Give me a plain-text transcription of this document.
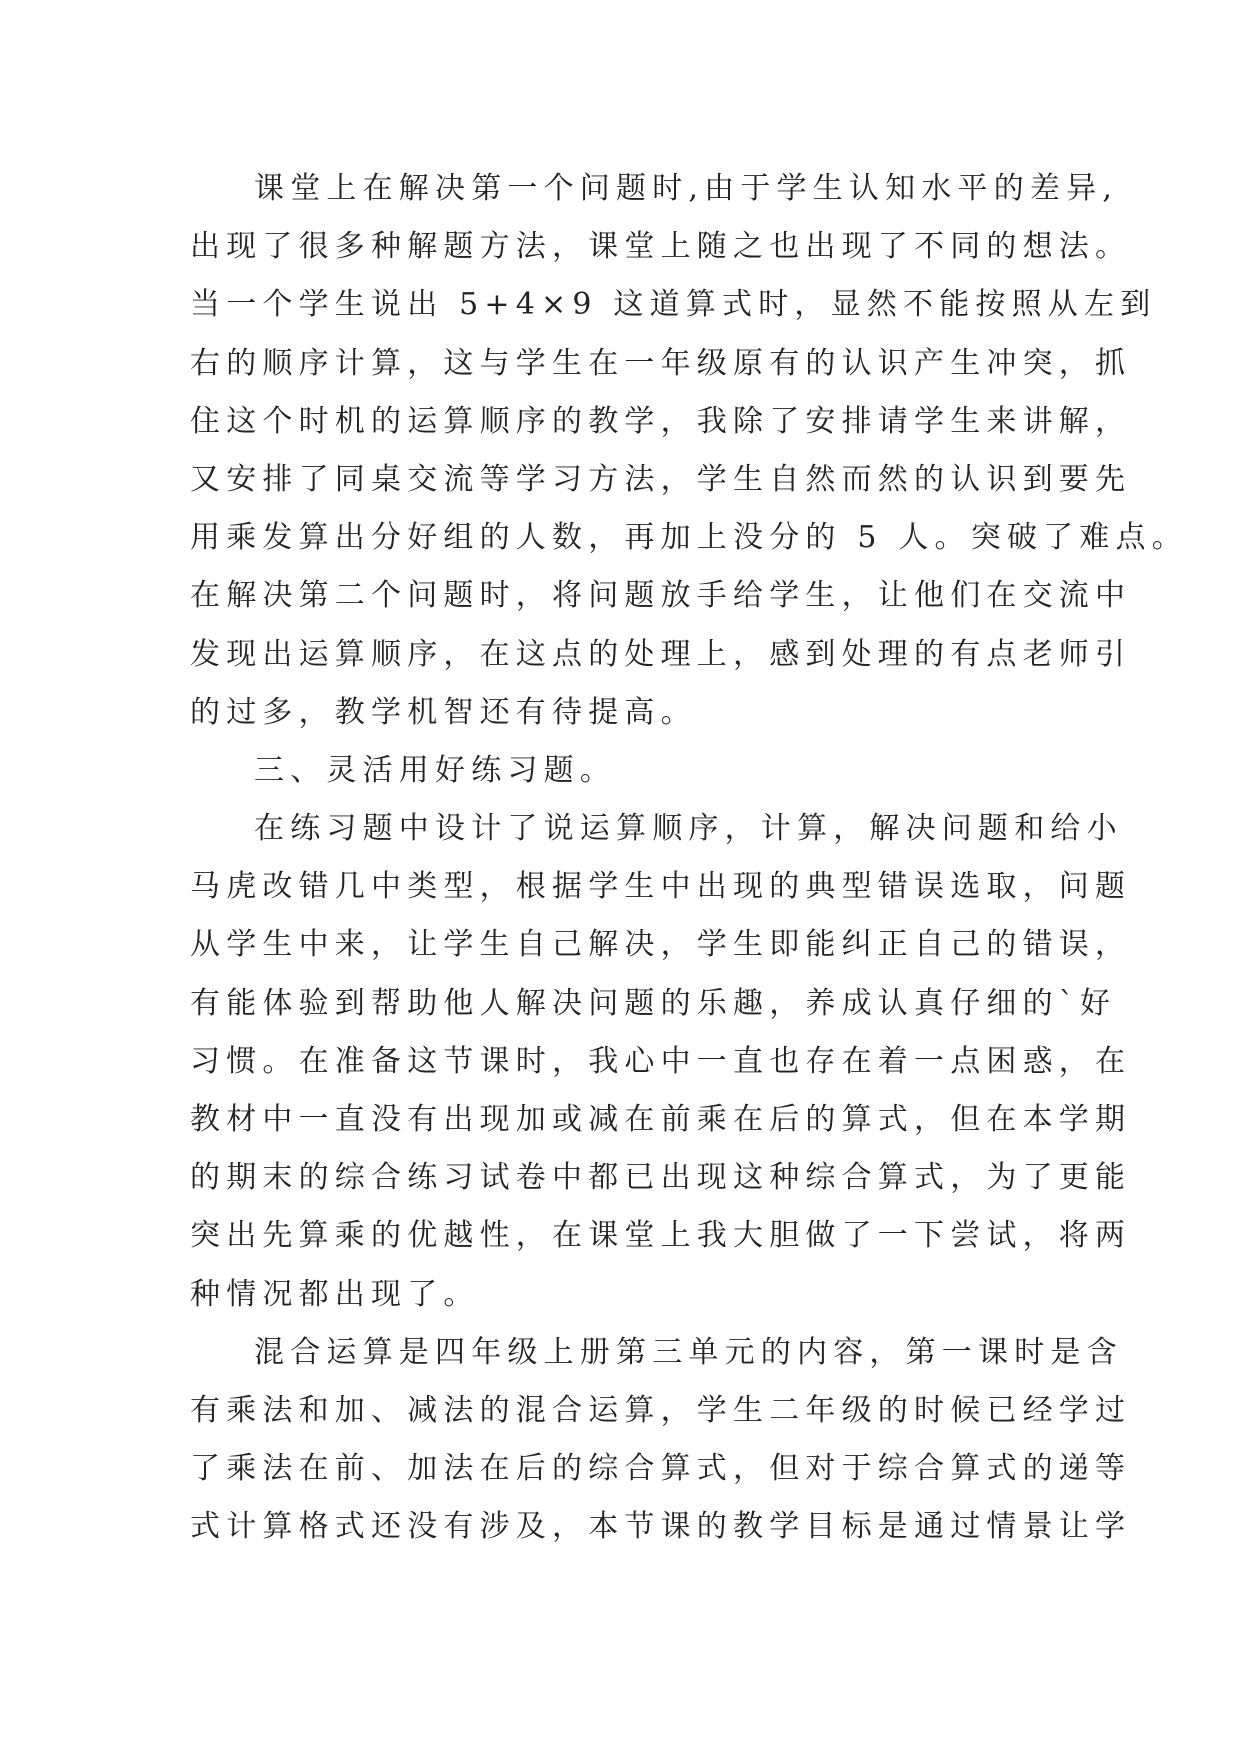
课堂上在解决第一个问题时,由于学生认知水平的差异,
出现了很多种解题方法，课堂上随之也出现了不同的想法。
当一个学生说出 5+4×9 这道算式时，显然不能按照从左到
右的顺序计算，这与学生在一年级原有的认识产生冲突，抓
住这个时机的运算顺序的教学，我除了安排请学生来讲解，
又安排了同桌交流等学习方法，学生自然而然的认识到要先
用乘发算出分好组的人数，再加上没分的 5 人。突破了难点。
在解决第二个问题时，将问题放手给学生，让他们在交流中
发现出运算顺序，在这点的处理上，感到处理的有点老师引
的过多，教学机智还有待提高。
三、灵活用好练习题。
在练习题中设计了说运算顺序，计算，解决问题和给小
马虎改错几中类型，根据学生中出现的典型错误选取，问题
从学生中来，让学生自己解决，学生即能纠正自己的错误，
有能体验到帮助他人解决问题的乐趣，养成认真仔细的`好
习惯。在准备这节课时，我心中一直也存在着一点困惑，在
教材中一直没有出现加或减在前乘在后的算式，但在本学期
的期末的综合练习试卷中都已出现这种综合算式，为了更能
突出先算乘的优越性，在课堂上我大胆做了一下尝试，将两
种情况都出现了。
混合运算是四年级上册第三单元的内容，第一课时是含
有乘法和加、减法的混合运算，学生二年级的时候已经学过
了乘法在前、加法在后的综合算式，但对于综合算式的递等
式计算格式还没有涉及，本节课的教学目标是通过情景让学
